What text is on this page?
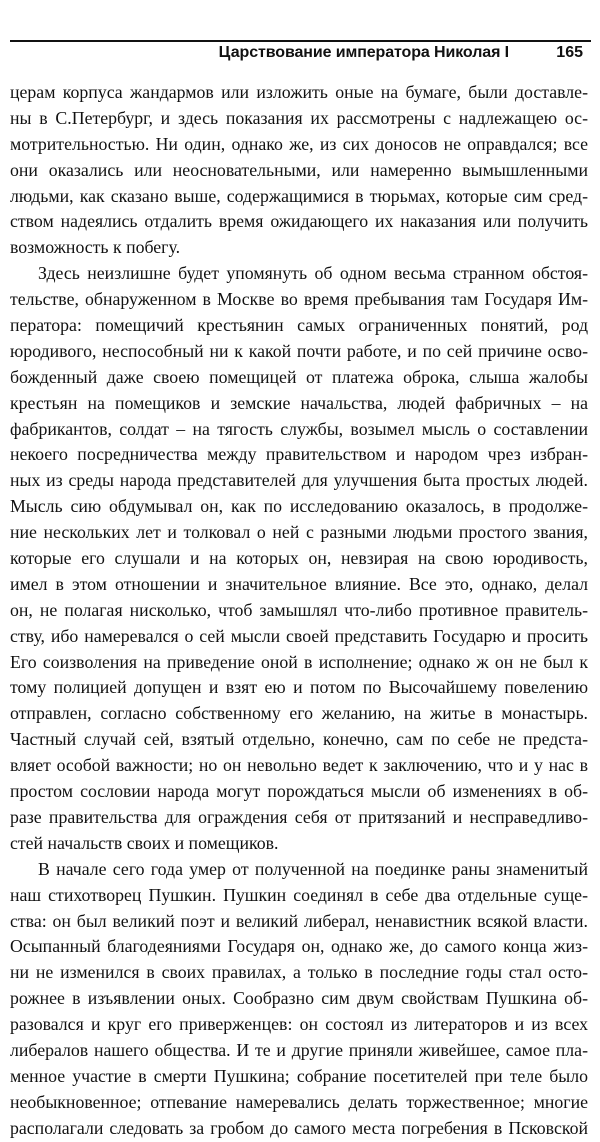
Царствование императора Николая I	165
церам корпуса жандармов или изложить оные на бумаге, были доставле-
ны в С.Петербург, и здесь показания их рассмотрены с надлежащею ос-
мотрительностью. Ни один, однако же, из сих доносов не оправдался; все
они оказались или неосновательными, или намеренно вымышленными
людьми, как сказано выше, содержащимися в тюрьмах, которые сим сред-
ством надеялись отдалить время ожидающего их наказания или получить
возможность к побегу.
Здесь неизлишне будет упомянуть об одном весьма странном обстоя-
тельстве, обнаруженном в Москве во время пребывания там Государя Им-
ператора: помещичий крестьянин самых ограниченных понятий, род
юродивого, неспособный ни к какой почти работе, и по сей причине осво-
божденный даже своею помещицей от платежа оброка, слыша жалобы
крестьян на помещиков и земские начальства, людей фабричных – на
фабрикантов, солдат – на тягость службы, возымел мысль о составлении
некоего посредничества между правительством и народом чрез избран-
ных из среды народа представителей для улучшения быта простых людей.
Мысль сию обдумывал он, как по исследованию оказалось, в продолже-
ние нескольких лет и толковал о ней с разными людьми простого звания,
которые его слушали и на которых он, невзирая на свою юродивость,
имел в этом отношении и значительное влияние. Все это, однако, делал
он, не полагая нисколько, чтоб замышлял что-либо противное правитель-
ству, ибо намеревался о сей мысли своей представить Государю и просить
Его соизволения на приведение оной в исполнение; однако ж он не был к
тому полицией допущен и взят ею и потом по Высочайшему повелению
отправлен, согласно собственному его желанию, на житье в монастырь.
Частный случай сей, взятый отдельно, конечно, сам по себе не предста-
вляет особой важности; но он невольно ведет к заключению, что и у нас в
простом сословии народа могут порождаться мысли об изменениях в об-
разе правительства для ограждения себя от притязаний и несправедливо-
стей начальств своих и помещиков.
В начале сего года умер от полученной на поединке раны знаменитый
наш стихотворец Пушкин. Пушкин соединял в себе два отдельные суще-
ства: он был великий поэт и великий либерал, ненавистник всякой власти.
Осыпанный благодеяниями Государя он, однако же, до самого конца жиз-
ни не изменился в своих правилах, а только в последние годы стал осто-
рожнее в изъявлении оных. Сообразно сим двум свойствам Пушкина об-
разовался и круг его приверженцев: он состоял из литераторов и из всех
либералов нашего общества. И те и другие приняли живейшее, самое пла-
менное участие в смерти Пушкина; собрание посетителей при теле было
необыкновенное; отпевание намеревались делать торжественное; многие
располагали следовать за гробом до самого места погребения в Псковской
